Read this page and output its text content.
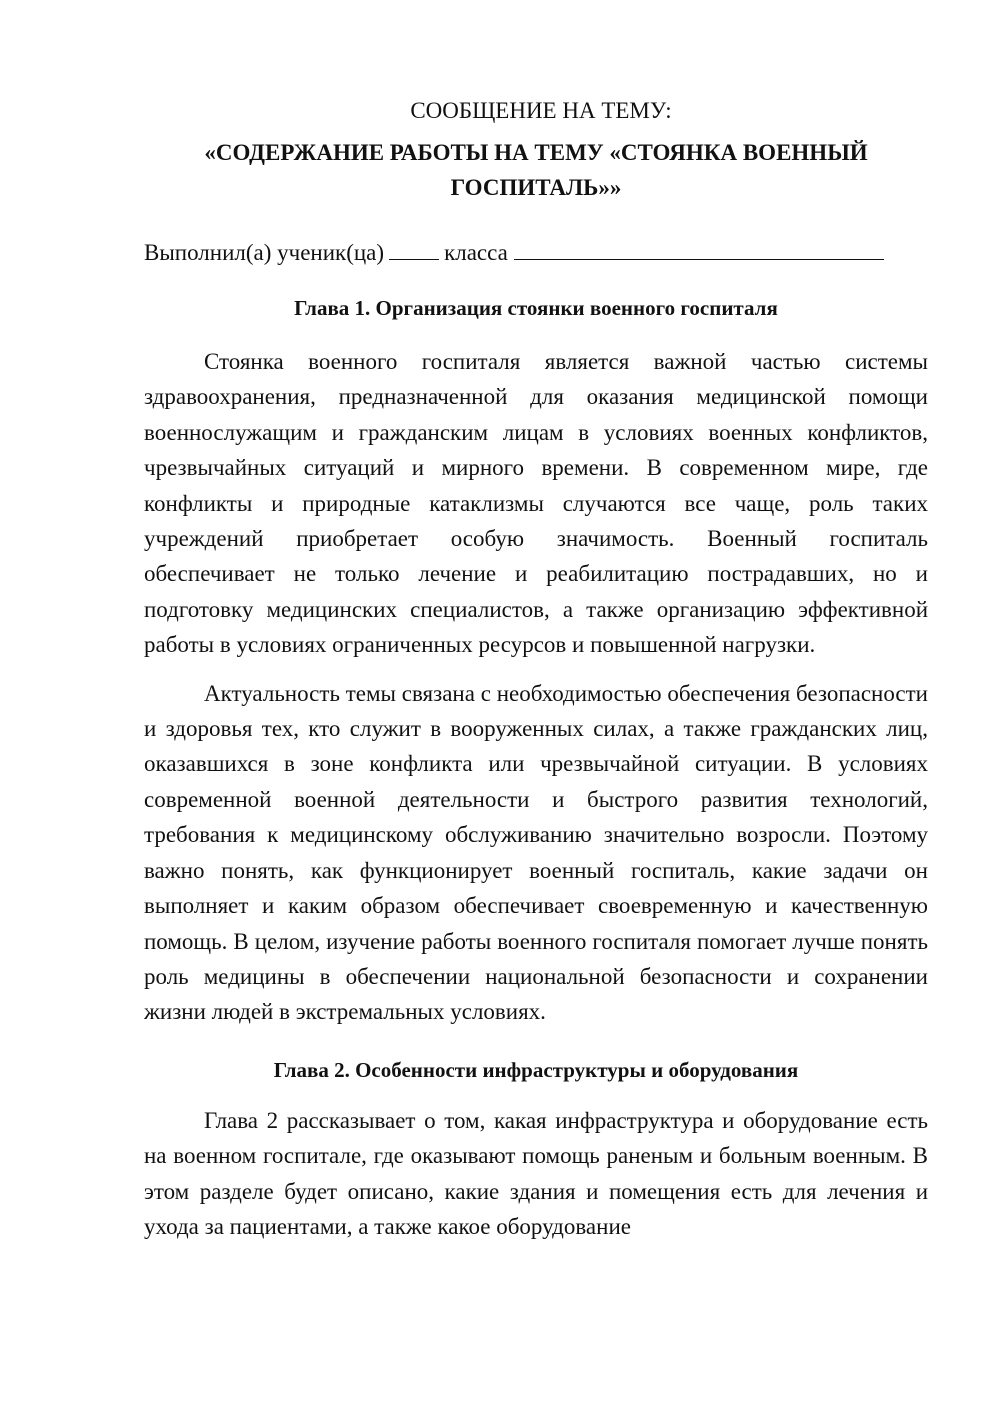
СООБЩЕНИЕ НА ТЕМУ:

«СОДЕРЖАНИЕ РАБОТЫ НА ТЕМУ «СТОЯНКА ВОЕННЫЙ
ГОСПИТАЛЬ»»

Выполнил(а) ученик(ца)	класса

Глава 1. Организация стоянки военного госпиталя

Стоянка военного госпиталя является важной частью системы здравоохранения, предназначенной для оказания медицинской помощи военнослужащим и гражданским лицам в условиях военных конфликтов, чрезвычайных ситуаций и мирного времени. В современном мире, где конфликты и природные катаклизмы случаются все чаще, роль таких учреждений приобретает особую значимость. Военный госпиталь обеспечивает не только лечение и реабилитацию пострадавших, но и подготовку медицинских специалистов, а также организацию эффективной работы в условиях ограниченных ресурсов и повышенной нагрузки.

Актуальность темы связана с необходимостью обеспечения безопасности и здоровья тех, кто служит в вооруженных силах, а также гражданских лиц, оказавшихся в зоне конфликта или чрезвычайной ситуации. В условиях современной военной деятельности и быстрого развития технологий, требования к медицинскому обслуживанию значительно возросли. Поэтому важно понять, как функционирует военный госпиталь, какие задачи он выполняет и каким образом обеспечивает своевременную и качественную помощь. В целом, изучение работы военного госпиталя помогает лучше понять роль медицины в обеспечении национальной безопасности и сохранении жизни людей в экстремальных условиях.

Глава 2. Особенности инфраструктуры и оборудования

Глава 2 рассказывает о том, какая инфраструктура и оборудование есть на военном госпитале, где оказывают помощь раненым и больным военным. В этом разделе будет описано, какие здания и помещения есть для лечения и ухода за пациентами, а также какое оборудование
